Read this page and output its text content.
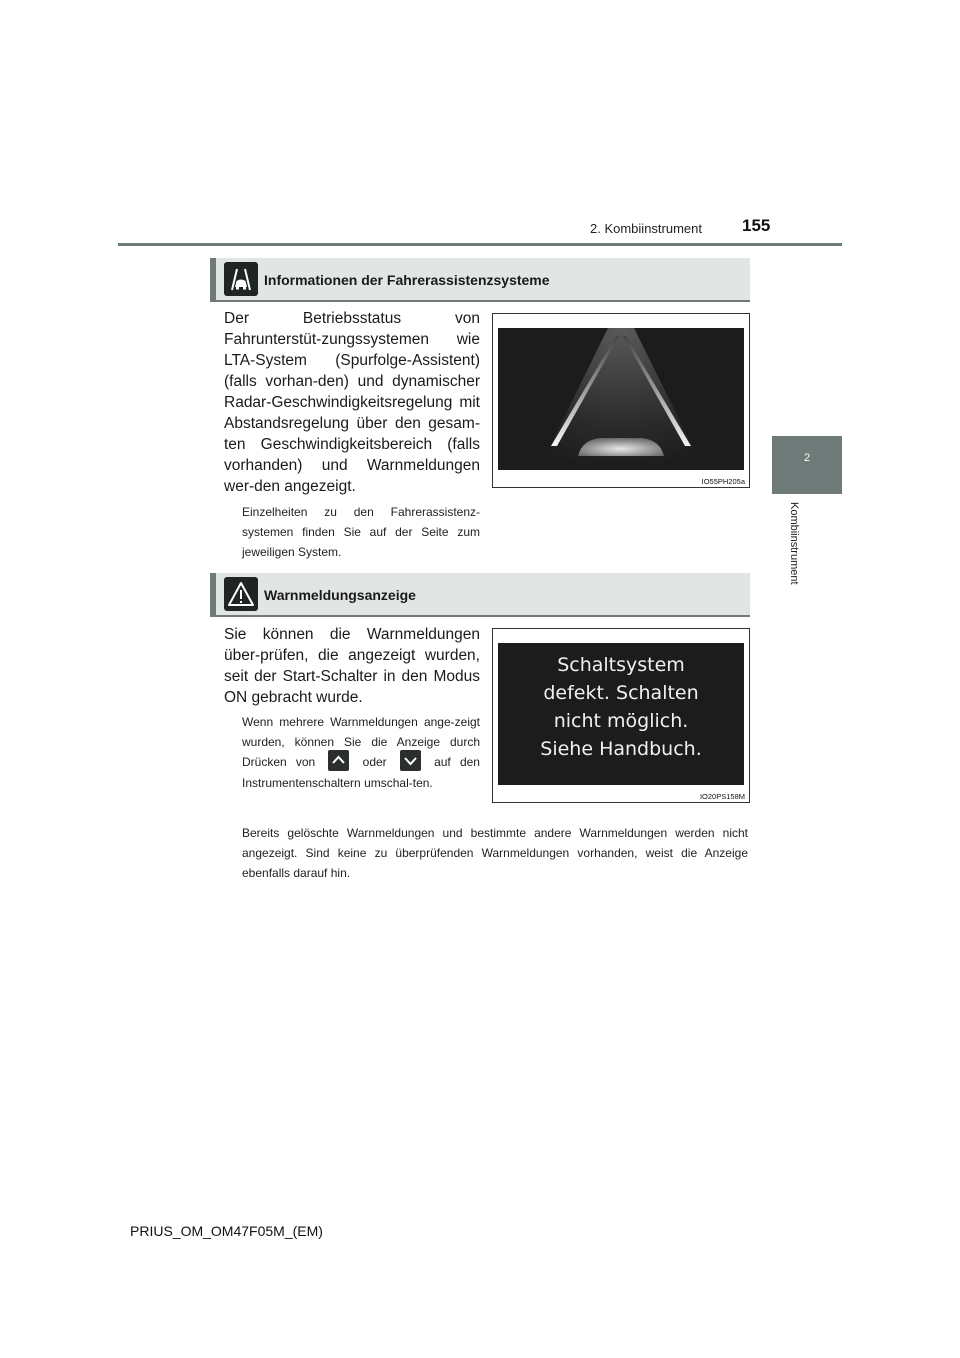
2. Kombiinstrument 155
2
Kombiinstrument
Informationen der Fahrerassistenzsysteme
Der Betriebsstatus von Fahrunterstüt-zungssystemen wie LTA-System (Spurfolge-Assistent) (falls vorhan-den) und dynamischer Radar-Geschwindigkeitsregelung mit Abstandsregelung über den gesam-ten Geschwindigkeitsbereich (falls vorhanden) und Warnmeldungen wer-den angezeigt.
Einzelheiten zu den Fahrerassistenz-systemen finden Sie auf der Seite zum jeweiligen System.
IO55PH205a
Warnmeldungsanzeige
Sie können die Warnmeldungen über-prüfen, die angezeigt wurden, seit der Start-Schalter in den Modus ON gebracht wurde.
Wenn mehrere Warnmeldungen ange-zeigt wurden, können Sie die Anzeige durch Drücken von	oder	auf den Instrumentenschaltern umschal-ten.
Bereits gelöschte Warnmeldungen und bestimmte andere Warnmeldungen werden nicht angezeigt. Sind keine zu überprüfenden Warnmeldungen vorhanden, weist die Anzeige ebenfalls darauf hin.
Schaltsystem
defekt. Schalten
nicht möglich.
Siehe Handbuch.
IO20PS158M
PRIUS_OM_OM47F05M_(EM)
